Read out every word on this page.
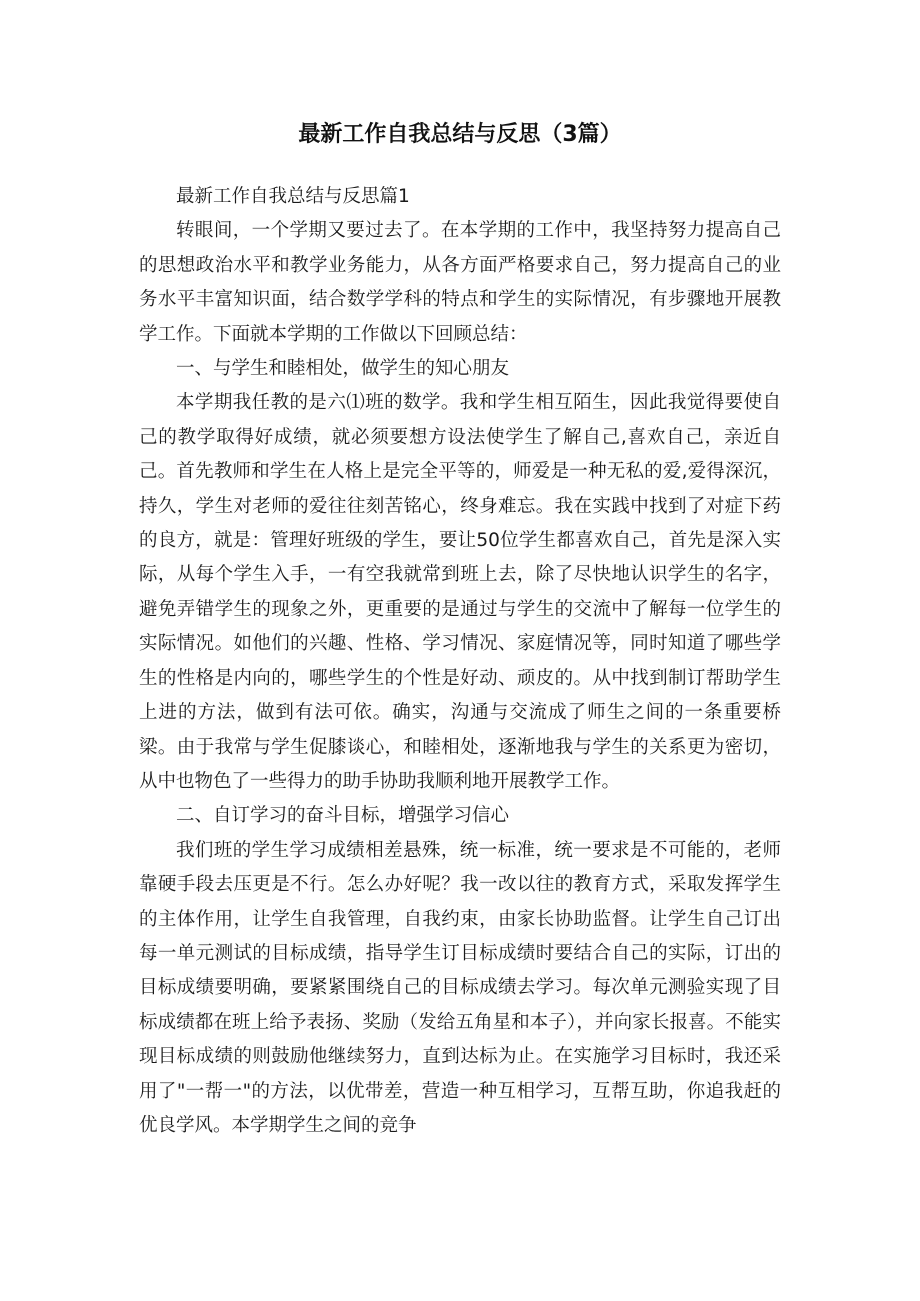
最新工作自我总结与反思（3篇）

最新工作自我总结与反思篇1

转眼间，一个学期又要过去了。在本学期的工作中，我坚持努力提高自己的思想政治水平和教学业务能力，从各方面严格要求自己，努力提高自己的业务水平丰富知识面，结合数学学科的特点和学生的实际情况，有步骤地开展教学工作。下面就本学期的工作做以下回顾总结：

一、与学生和睦相处，做学生的知心朋友

本学期我任教的是六⑴班的数学。我和学生相互陌生，因此我觉得要使自己的教学取得好成绩，就必须要想方设法使学生了解自己,喜欢自己，亲近自己。首先教师和学生在人格上是完全平等的，师爱是一种无私的爱,爱得深沉，持久，学生对老师的爱往往刻苦铭心，终身难忘。我在实践中找到了对症下药的良方，就是：管理好班级的学生，要让50位学生都喜欢自己，首先是深入实际，从每个学生入手，一有空我就常到班上去，除了尽快地认识学生的名字，避免弄错学生的现象之外，更重要的是通过与学生的交流中了解每一位学生的实际情况。如他们的兴趣、性格、学习情况、家庭情况等，同时知道了哪些学生的性格是内向的，哪些学生的个性是好动、顽皮的。从中找到制订帮助学生上进的方法，做到有法可依。确实，沟通与交流成了师生之间的一条重要桥梁。由于我常与学生促膝谈心，和睦相处，逐渐地我与学生的关系更为密切，从中也物色了一些得力的助手协助我顺利地开展教学工作。

二、自订学习的奋斗目标，增强学习信心

我们班的学生学习成绩相差悬殊，统一标准，统一要求是不可能的，老师靠硬手段去压更是不行。怎么办好呢？我一改以往的教育方式，采取发挥学生的主体作用，让学生自我管理，自我约束，由家长协助监督。让学生自己订出每一单元测试的目标成绩，指导学生订目标成绩时要结合自己的实际，订出的目标成绩要明确，要紧紧围绕自己的目标成绩去学习。每次单元测验实现了目标成绩都在班上给予表扬、奖励（发给五角星和本子），并向家长报喜。不能实现目标成绩的则鼓励他继续努力，直到达标为止。在实施学习目标时，我还采用了"一帮一"的方法，以优带差，营造一种互相学习，互帮互助，你追我赶的优良学风。本学期学生之间的竞争
